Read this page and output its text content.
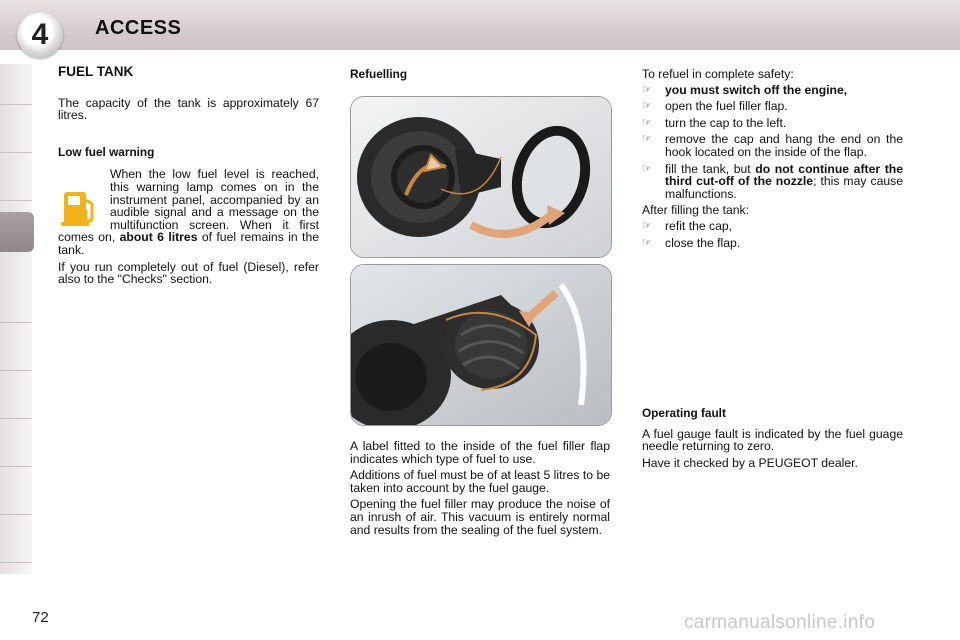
4 ACCESS

FUEL TANK

The capacity of the tank is approximately 67 litres.

Low fuel warning

When the low fuel level is reached, this warning lamp comes on in the instrument panel, accompanied by an audible signal and a message on the multifunction screen. When it first comes on, about 6 litres of fuel remains in the tank.

If you run completely out of fuel (Diesel), refer also to the "Checks" section.

Refuelling

A label fitted to the inside of the fuel filler flap indicates which type of fuel to use.

Additions of fuel must be of at least 5 litres to be taken into account by the fuel gauge.

Opening the fuel filler may produce the noise of an inrush of air. This vacuum is entirely normal and results from the sealing of the fuel system.

To refuel in complete safety:

☞ you must switch off the engine,
☞ open the fuel filler flap.
☞ turn the cap to the left.
☞ remove the cap and hang the end on the hook located on the inside of the flap.
☞ fill the tank, but do not continue after the third cut-off of the nozzle; this may cause malfunctions.

After filling the tank:

☞ refit the cap,
☞ close the flap.

Operating fault

A fuel gauge fault is indicated by the fuel guage needle returning to zero.

Have it checked by a PEUGEOT dealer.

72	carmanualsonline.info
